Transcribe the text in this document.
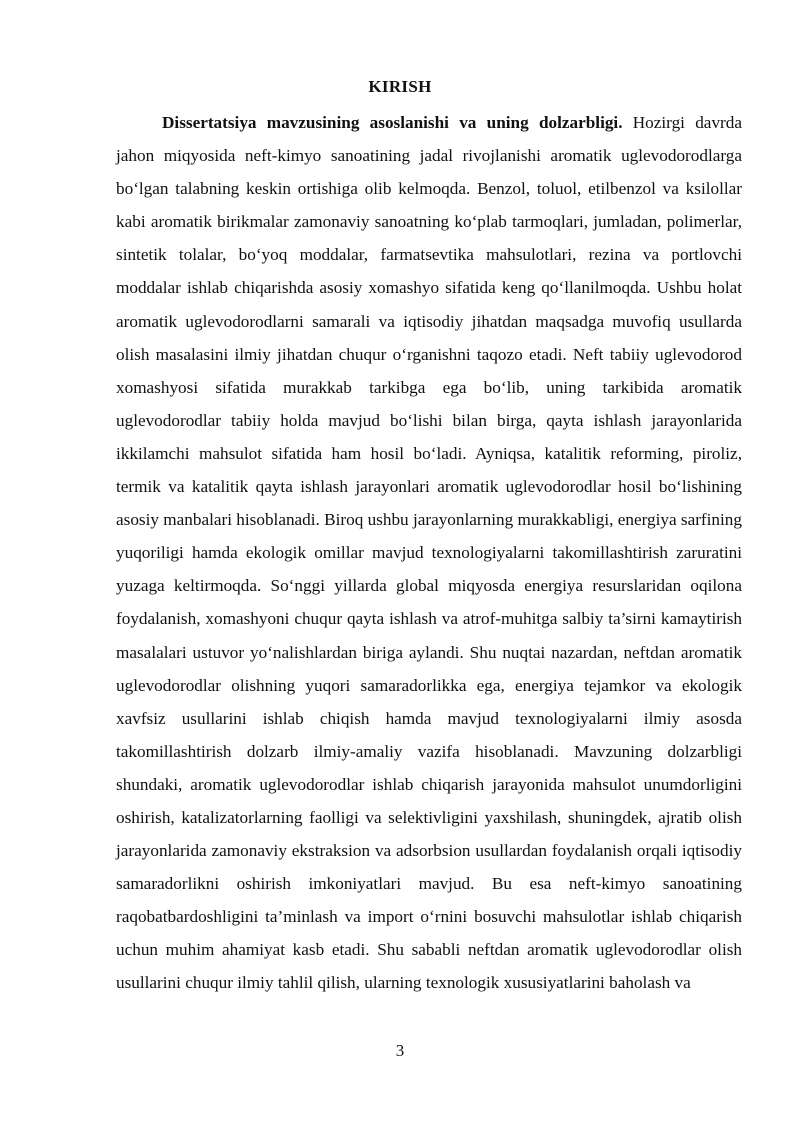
KIRISH

Dissertatsiya mavzusining asoslanishi va uning dolzarbligi. Hozirgi davrda jahon miqyosida neft-kimyo sanoatining jadal rivojlanishi aromatik uglevodorodlarga bo‘lgan talabning keskin ortishiga olib kelmoqda. Benzol, toluol, etilbenzol va ksilollar kabi aromatik birikmalar zamonaviy sanoatning ko‘plab tarmoqlari, jumladan, polimerlar, sintetik tolalar, bo‘yoq moddalar, farmatsevtika mahsulotlari, rezina va portlovchi moddalar ishlab chiqarishda asosiy xomashyo sifatida keng qo‘llanilmoqda. Ushbu holat aromatik uglevodorodlarni samarali va iqtisodiy jihatdan maqsadga muvofiq usullarda olish masalasini ilmiy jihatdan chuqur o‘rganishni taqozo etadi. Neft tabiiy uglevodorod xomashyosi sifatida murakkab tarkibga ega bo‘lib, uning tarkibida aromatik uglevodorodlar tabiiy holda mavjud bo‘lishi bilan birga, qayta ishlash jarayonlarida ikkilamchi mahsulot sifatida ham hosil bo‘ladi. Ayniqsa, katalitik reforming, piroliz, termik va katalitik qayta ishlash jarayonlari aromatik uglevodorodlar hosil bo‘lishining asosiy manbalari hisoblanadi. Biroq ushbu jarayonlarning murakkabligi, energiya sarfining yuqoriligi hamda ekologik omillar mavjud texnologiyalarni takomillashtirish zaruratini yuzaga keltirmoqda. So‘nggi yillarda global miqyosda energiya resurslaridan oqilona foydalanish, xomashyoni chuqur qayta ishlash va atrof-muhitga salbiy ta’sirni kamaytirish masalalari ustuvor yo‘nalishlardan biriga aylandi. Shu nuqtai nazardan, neftdan aromatik uglevodorodlar olishning yuqori samaradorlikka ega, energiya tejamkor va ekologik xavfsiz usullarini ishlab chiqish hamda mavjud texnologiyalarni ilmiy asosda takomillashtirish dolzarb ilmiy-amaliy vazifa hisoblanadi. Mavzuning dolzarbligi shundaki, aromatik uglevodorodlar ishlab chiqarish jarayonida mahsulot unumdorligini oshirish, katalizatorlarning faolligi va selektivligini yaxshilash, shuningdek, ajratib olish jarayonlarida zamonaviy ekstraksion va adsorbsion usullardan foydalanish orqali iqtisodiy samaradorlikni oshirish imkoniyatlari mavjud. Bu esa neft-kimyo sanoatining raqobatbardoshligini ta’minlash va import o‘rnini bosuvchi mahsulotlar ishlab chiqarish uchun muhim ahamiyat kasb etadi. Shu sababli neftdan aromatik uglevodorodlar olish usullarini chuqur ilmiy tahlil qilish, ularning texnologik xususiyatlarini baholash va

3
